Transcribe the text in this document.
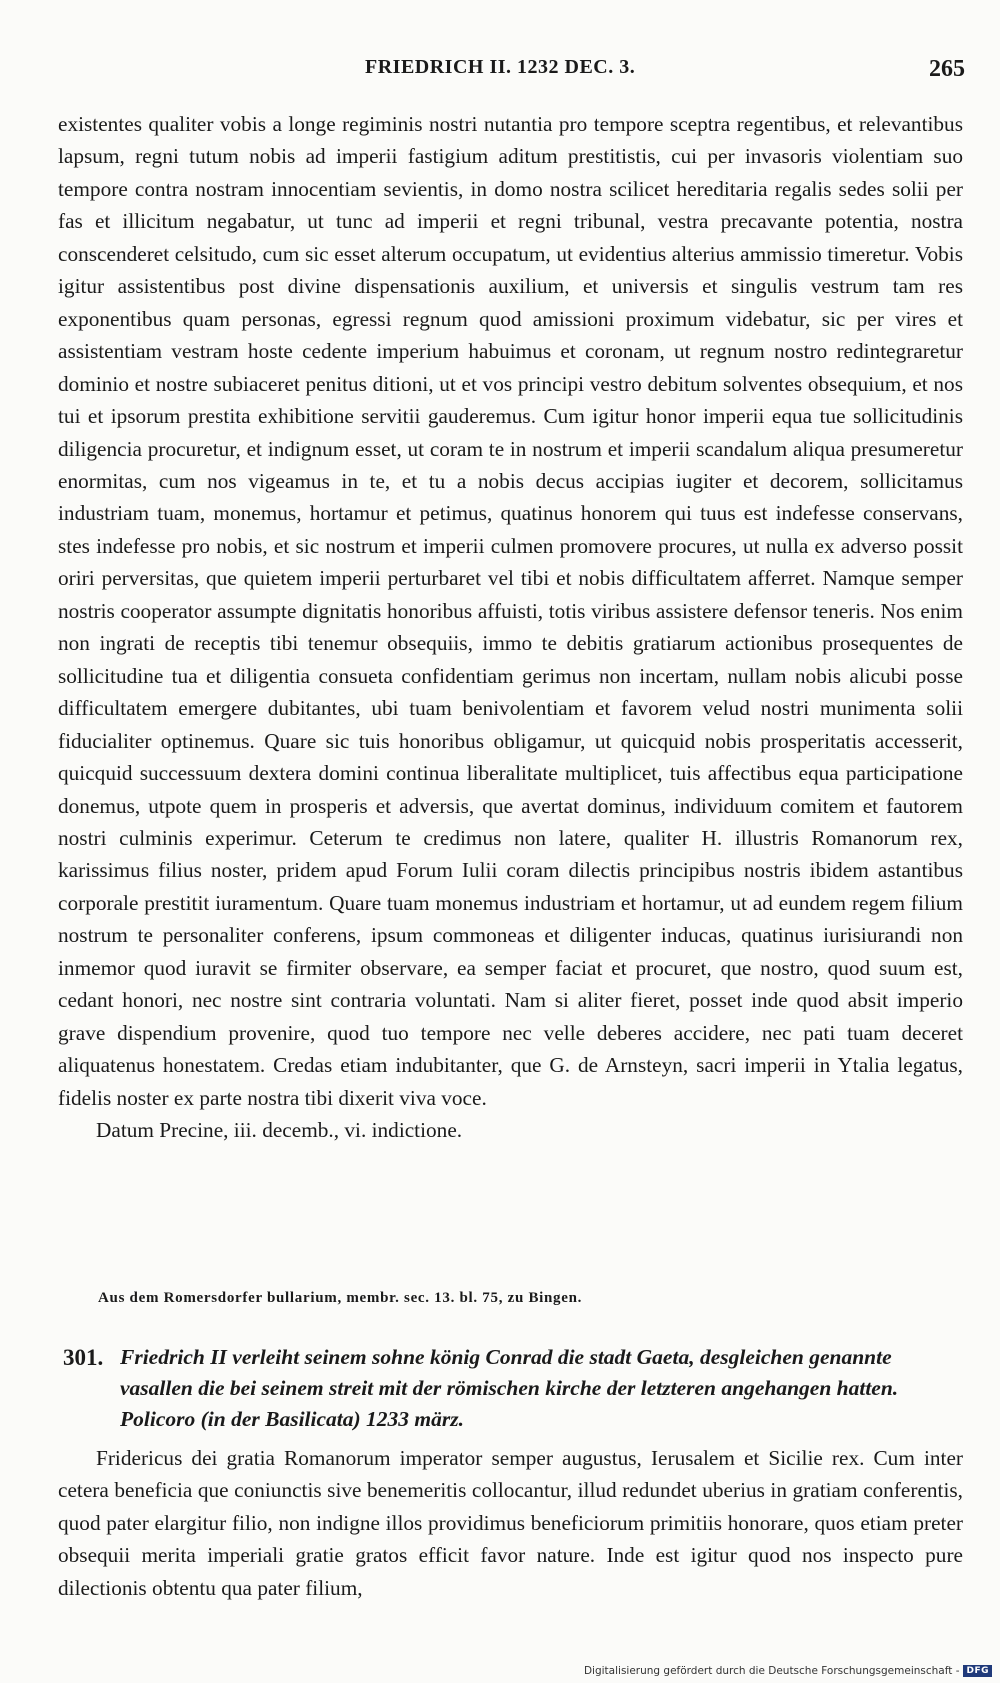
FRIEDRICH II. 1232 DEC. 3.	265

existentes qualiter vobis a longe regiminis nostri nutantia pro tempore sceptra regentibus, et relevantibus lapsum, regni tutum nobis ad imperii fastigium aditum prestitistis, cui per invasoris violentiam suo tempore contra nostram innocentiam sevientis, in domo nostra scilicet hereditaria regalis sedes solii per fas et illicitum negabatur, ut tunc ad imperii et regni tribunal, vestra precavante potentia, nostra conscenderet celsitudo, cum sic esset alterum occupatum, ut evidentius alterius ammissio timeretur. Vobis igitur assistentibus post divine dispensationis auxilium, et universis et singulis vestrum tam res exponentibus quam personas, egressi regnum quod amissioni proximum videbatur, sic per vires et assistentiam vestram hoste cedente imperium habuimus et coronam, ut regnum nostro redintegraretur dominio et nostre subiaceret penitus ditioni, ut et vos principi vestro debitum solventes obsequium, et nos tui et ipsorum prestita exhibitione servitii gauderemus. Cum igitur honor imperii equa tue sollicitudinis diligencia procuretur, et indignum esset, ut coram te in nostrum et imperii scandalum aliqua presumeretur enormitas, cum nos vigeamus in te, et tu a nobis decus accipias iugiter et decorem, sollicitamus industriam tuam, monemus, hortamur et petimus, quatinus honorem qui tuus est indefesse conservans, stes indefesse pro nobis, et sic nostrum et imperii culmen promovere procures, ut nulla ex adverso possit oriri perversitas, que quietem imperii perturbaret vel tibi et nobis difficultatem afferret. Namque semper nostris cooperator assumpte dignitatis honoribus affuisti, totis viribus assistere defensor teneris. Nos enim non ingrati de receptis tibi tenemur obsequiis, immo te debitis gratiarum actionibus prosequentes de sollicitudine tua et diligentia consueta confidentiam gerimus non incertam, nullam nobis alicubi posse difficultatem emergere dubitantes, ubi tuam benivolentiam et favorem velud nostri munimenta solii fiducialiter optinemus. Quare sic tuis honoribus obligamur, ut quicquid nobis prosperitatis accesserit, quicquid successuum dextera domini continua liberalitate multiplicet, tuis affectibus equa participatione donemus, utpote quem in prosperis et adversis, que avertat dominus, individuum comitem et fautorem nostri culminis experimur. Ceterum te credimus non latere, qualiter H. illustris Romanorum rex, karissimus filius noster, pridem apud Forum Iulii coram dilectis principibus nostris ibidem astantibus corporale prestitit iuramentum. Quare tuam monemus industriam et hortamur, ut ad eundem regem filium nostrum te personaliter conferens, ipsum commoneas et diligenter inducas, quatinus iurisiurandi non inmemor quod iuravit se firmiter observare, ea semper faciat et procuret, que nostro, quod suum est, cedant honori, nec nostre sint contraria voluntati. Nam si aliter fieret, posset inde quod absit imperio grave dispendium provenire, quod tuo tempore nec velle deberes accidere, nec pati tuam deceret aliquatenus honestatem. Credas etiam indubitanter, que G. de Arnsteyn, sacri imperii in Ytalia legatus, fidelis noster ex parte nostra tibi dixerit viva voce.

Datum Precine, iii. decemb., vi. indictione.

Aus dem Romersdorfer bullarium, membr. sec. 13. bl. 75, zu Bingen.
301. Friedrich II verleiht seinem sohne könig Conrad die stadt Gaeta, desgleichen genannte vasallen die bei seinem streit mit der römischen kirche der letzteren angehangen hatten. Policoro (in der Basilicata) 1233 märz.

Fridericus dei gratia Romanorum imperator semper augustus, Ierusalem et Sicilie rex. Cum inter cetera beneficia que coniunctis sive benemeritis collocantur, illud redundet uberius in gratiam conferentis, quod pater elargitur filio, non indigne illos providimus beneficiorum primitiis honorare, quos etiam preter obsequii merita imperiali gratie gratos efficit favor nature. Inde est igitur quod nos inspecto pure dilectionis obtentu qua pater filium,

Digitalisierung gefördert durch die Deutsche Forschungsgemeinschaft - DFG
